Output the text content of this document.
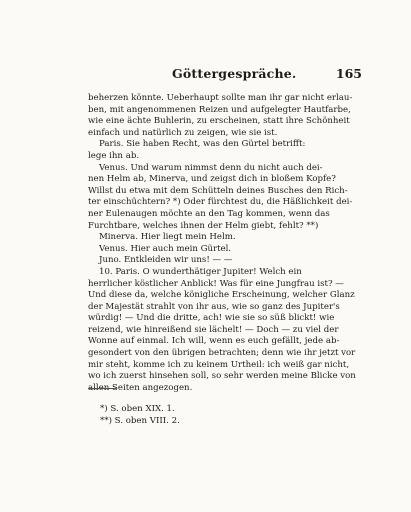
Göttergespräche.	165
beherzen könnte. Ueberhaupt sollte man ihr gar nicht erlau-
ben, mit angenommenen Reizen und aufgelegter Hautfarbe,
wie eine ächte Buhlerin, zu erscheinen, statt ihre Schönheit
einfach und natürlich zu zeigen, wie sie ist.
Paris. Sie haben Recht, was den Gürtel betrifft:
lege ihn ab.
Venus. Und warum nimmst denn du nicht auch dei-
nen Helm ab, Minerva, und zeigst dich in bloßem Kopfe?
Willst du etwa mit dem Schütteln deines Busches den Rich-
ter einschüchtern? *) Oder fürchtest du, die Häßlichkeit dei-
ner Eulenaugen möchte an den Tag kommen, wenn das
Furchtbare, welches ihnen der Helm giebt, fehlt? **)
Minerva. Hier liegt mein Helm.
Venus. Hier auch mein Gürtel.
Juno. Entkleiden wir uns! — —
10. Paris. O wunderthätiger Jupiter! Welch ein
herrlicher köstlicher Anblick! Was für eine Jungfrau ist? —
Und diese da, welche königliche Erscheinung, welcher Glanz
der Majestät strahlt von ihr aus, wie so ganz des Jupiter's
würdig! — Und die dritte, ach! wie sie so süß blickt! wie
reizend, wie hinreißend sie lächelt! — Doch — zu viel der
Wonne auf einmal. Ich will, wenn es euch gefällt, jede ab-
gesondert von den übrigen betrachten; denn wie ihr jetzt vor
mir steht, komme ich zu keinem Urtheil: ich weiß gar nicht,
wo ich zuerst hinsehen soll, so sehr werden meine Blicke von
allen Seiten angezogen.
*) S. oben XIX. 1.
**) S. oben VIII. 2.
